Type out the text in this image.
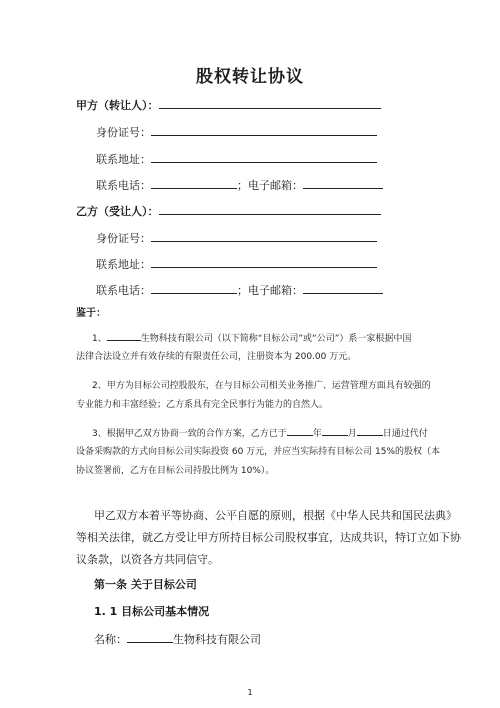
股权转让协议
甲方（转让人）：
身份证号：
联系地址：
联系电话：	；电子邮箱：
乙方（受让人）：
身份证号：
联系地址：
联系电话：	；电子邮箱：
鉴于：
1、	生物科技有限公司（以下简称“目标公司”或“公司”）系一家根据中国
法律合法设立并有效存续的有限责任公司，注册资本为 200.00 万元。
2、甲方为目标公司控股股东，在与目标公司相关业务推广、运营管理方面具有较强的
专业能力和丰富经验；乙方系具有完全民事行为能力的自然人。
3、根据甲乙双方协商一致的合作方案，乙方已于	年	月	日通过代付
设备采购款的方式向目标公司实际投资 60 万元，并应当实际持有目标公司 15%的股权（本
协议签署前，乙方在目标公司持股比例为 10%）。
甲乙双方本着平等协商、公平自愿的原则，根据《中华人民共和国民法典》
等相关法律，就乙方受让甲方所持目标公司股权事宜，达成共识，特订立如下协
议条款，以资各方共同信守。
第一条 关于目标公司
1. 1 目标公司基本情况
名称：	生物科技有限公司
1
